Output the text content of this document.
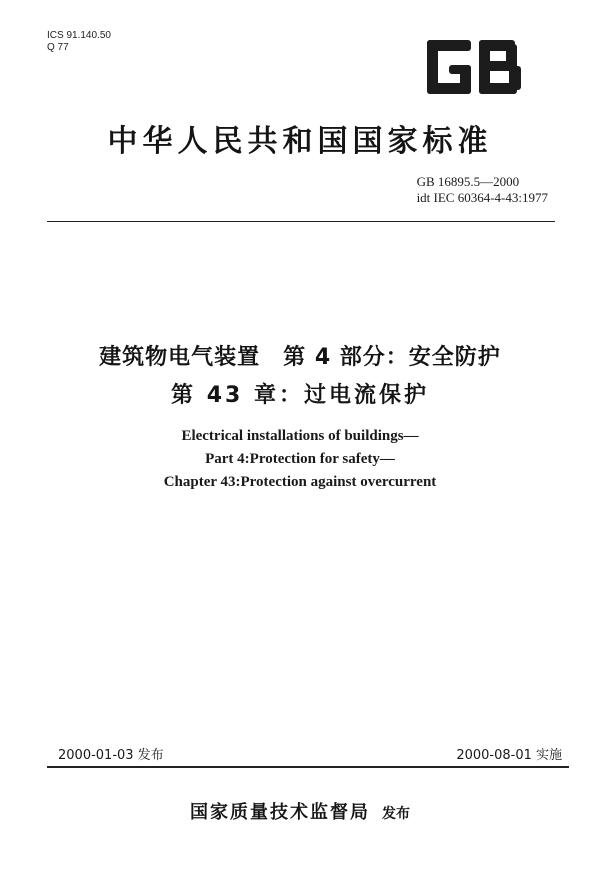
ICS 91.140.50
Q 77
中华人民共和国国家标准
GB 16895.5—2000
idt IEC 60364-4-43:1977
建筑物电气装置　第 4 部分：安全防护
第 43 章：过电流保护
Electrical installations of buildings—
Part 4:Protection for safety—
Chapter 43:Protection against overcurrent
2000-01-03 发布	2000-08-01 实施
国家质量技术监督局 发布
